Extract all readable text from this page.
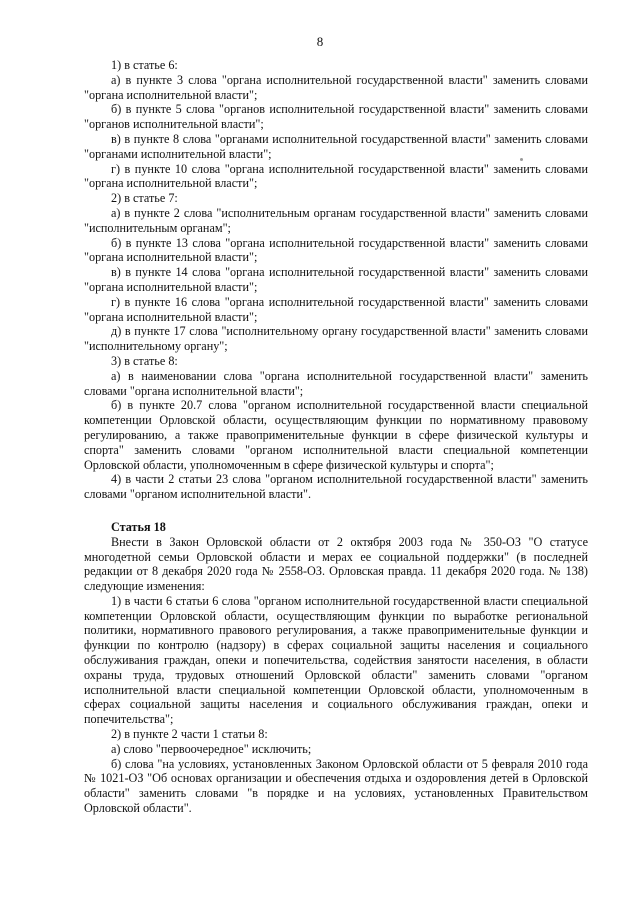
8

1) в статье 6:

а) в пункте 3 слова "органа исполнительной государственной власти" заменить словами "органа исполнительной власти";

б) в пункте 5 слова "органов исполнительной государственной власти" заменить словами "органов исполнительной власти";

в) в пункте 8 слова "органами исполнительной государственной власти" заменить словами "органами исполнительной власти";

г) в пункте 10 слова "органа исполнительной государственной власти" заменить словами "органа исполнительной власти";

2) в статье 7:

а) в пункте 2 слова "исполнительным органам государственной власти" заменить словами "исполнительным органам";

б) в пункте 13 слова "органа исполнительной государственной власти" заменить словами "органа исполнительной власти";

в) в пункте 14 слова "органа исполнительной государственной власти" заменить словами "органа исполнительной власти";

г) в пункте 16 слова "органа исполнительной государственной власти" заменить словами "органа исполнительной власти";

д) в пункте 17 слова "исполнительному органу государственной власти" заменить словами "исполнительному органу";

3) в статье 8:

а) в наименовании слова "органа исполнительной государственной власти" заменить словами "органа исполнительной власти";

б) в пункте 20.7 слова "органом исполнительной государственной власти специальной компетенции Орловской области, осуществляющим функции по нормативному правовому регулированию, а также правоприменительные функции в сфере физической культуры и спорта" заменить словами "органом исполнительной власти специальной компетенции Орловской области, уполномоченным в сфере физической культуры и спорта";

4) в части 2 статьи 23 слова "органом исполнительной государственной власти" заменить словами "органом исполнительной власти".

Статья 18

Внести в Закон Орловской области от 2 октября 2003 года № 350-ОЗ "О статусе многодетной семьи Орловской области и мерах ее социальной поддержки" (в последней редакции от 8 декабря 2020 года № 2558-ОЗ. Орловская правда. 11 декабря 2020 года. № 138) следующие изменения:

1) в части 6 статьи 6 слова "органом исполнительной государственной власти специальной компетенции Орловской области, осуществляющим функции по выработке региональной политики, нормативного правового регулирования, а также правоприменительные функции и функции по контролю (надзору) в сферах социальной защиты населения и социального обслуживания граждан, опеки и попечительства, содействия занятости населения, в области охраны труда, трудовых отношений Орловской области" заменить словами "органом исполнительной власти специальной компетенции Орловской области, уполномоченным в сферах социальной защиты населения и социального обслуживания граждан, опеки и попечительства";

2) в пункте 2 части 1 статьи 8:

а) слово "первоочередное" исключить;

б) слова "на условиях, установленных Законом Орловской области от 5 февраля 2010 года № 1021-ОЗ "Об основах организации и обеспечения отдыха и оздоровления детей в Орловской области" заменить словами "в порядке и на условиях, установленных Правительством Орловской области".
